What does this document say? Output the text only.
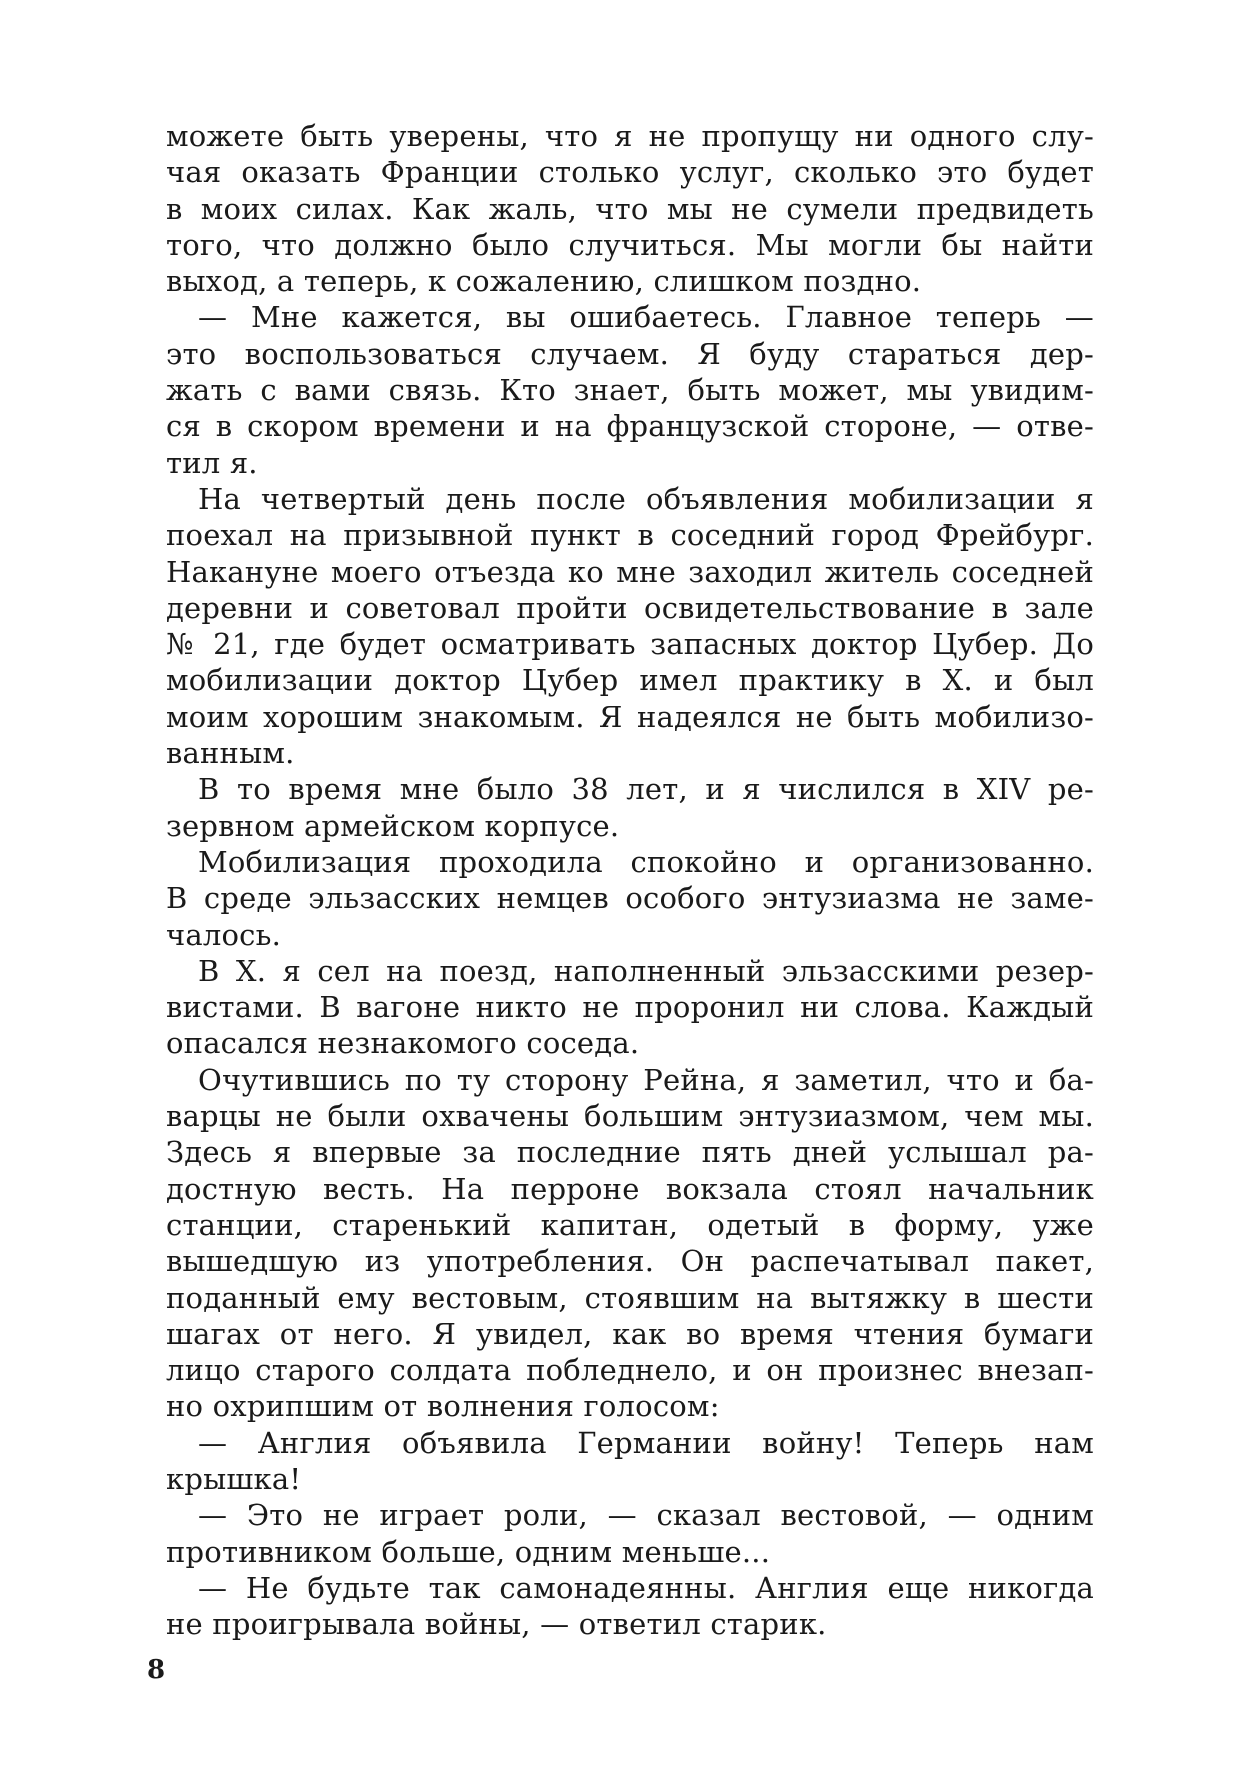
можете быть уверены, что я не пропущу ни одного слу-
чая оказать Франции столько услуг, сколько это будет
в моих силах. Как жаль, что мы не сумели предвидеть
того, что должно было случиться. Мы могли бы найти
выход, а теперь, к сожалению, слишком поздно.
— Мне кажется, вы ошибаетесь. Главное теперь —
это воспользоваться случаем. Я буду стараться дер-
жать с вами связь. Кто знает, быть может, мы увидим-
ся в скором времени и на французской стороне, — отве-
тил я.
На четвертый день после объявления мобилизации я
поехал на призывной пункт в соседний город Фрейбург.
Накануне моего отъезда ко мне заходил житель соседней
деревни и советовал пройти освидетельствование в зале
№ 21, где будет осматривать запасных доктор Цубер. До
мобилизации доктор Цубер имел практику в X. и был
моим хорошим знакомым. Я надеялся не быть мобилизо-
ванным.
В то время мне было 38 лет, и я числился в XIV ре-
зервном армейском корпусе.
Мобилизация проходила спокойно и организованно.
В среде эльзасских немцев особого энтузиазма не заме-
чалось.
В X. я сел на поезд, наполненный эльзасскими резер-
вистами. В вагоне никто не проронил ни слова. Каждый
опасался незнакомого соседа.
Очутившись по ту сторону Рейна, я заметил, что и ба-
варцы не были охвачены большим энтузиазмом, чем мы.
Здесь я впервые за последние пять дней услышал ра-
достную весть. На перроне вокзала стоял начальник
станции, старенький капитан, одетый в форму, уже
вышедшую из употребления. Он распечатывал пакет,
поданный ему вестовым, стоявшим на вытяжку в шести
шагах от него. Я увидел, как во время чтения бумаги
лицо старого солдата побледнело, и он произнес внезап-
но охрипшим от волнения голосом:
— Англия объявила Германии войну! Теперь нам
крышка!
— Это не играет роли, — сказал вестовой, — одним
противником больше, одним меньше...
— Не будьте так самонадеянны. Англия еще никогда
не проигрывала войны, — ответил старик.
8
